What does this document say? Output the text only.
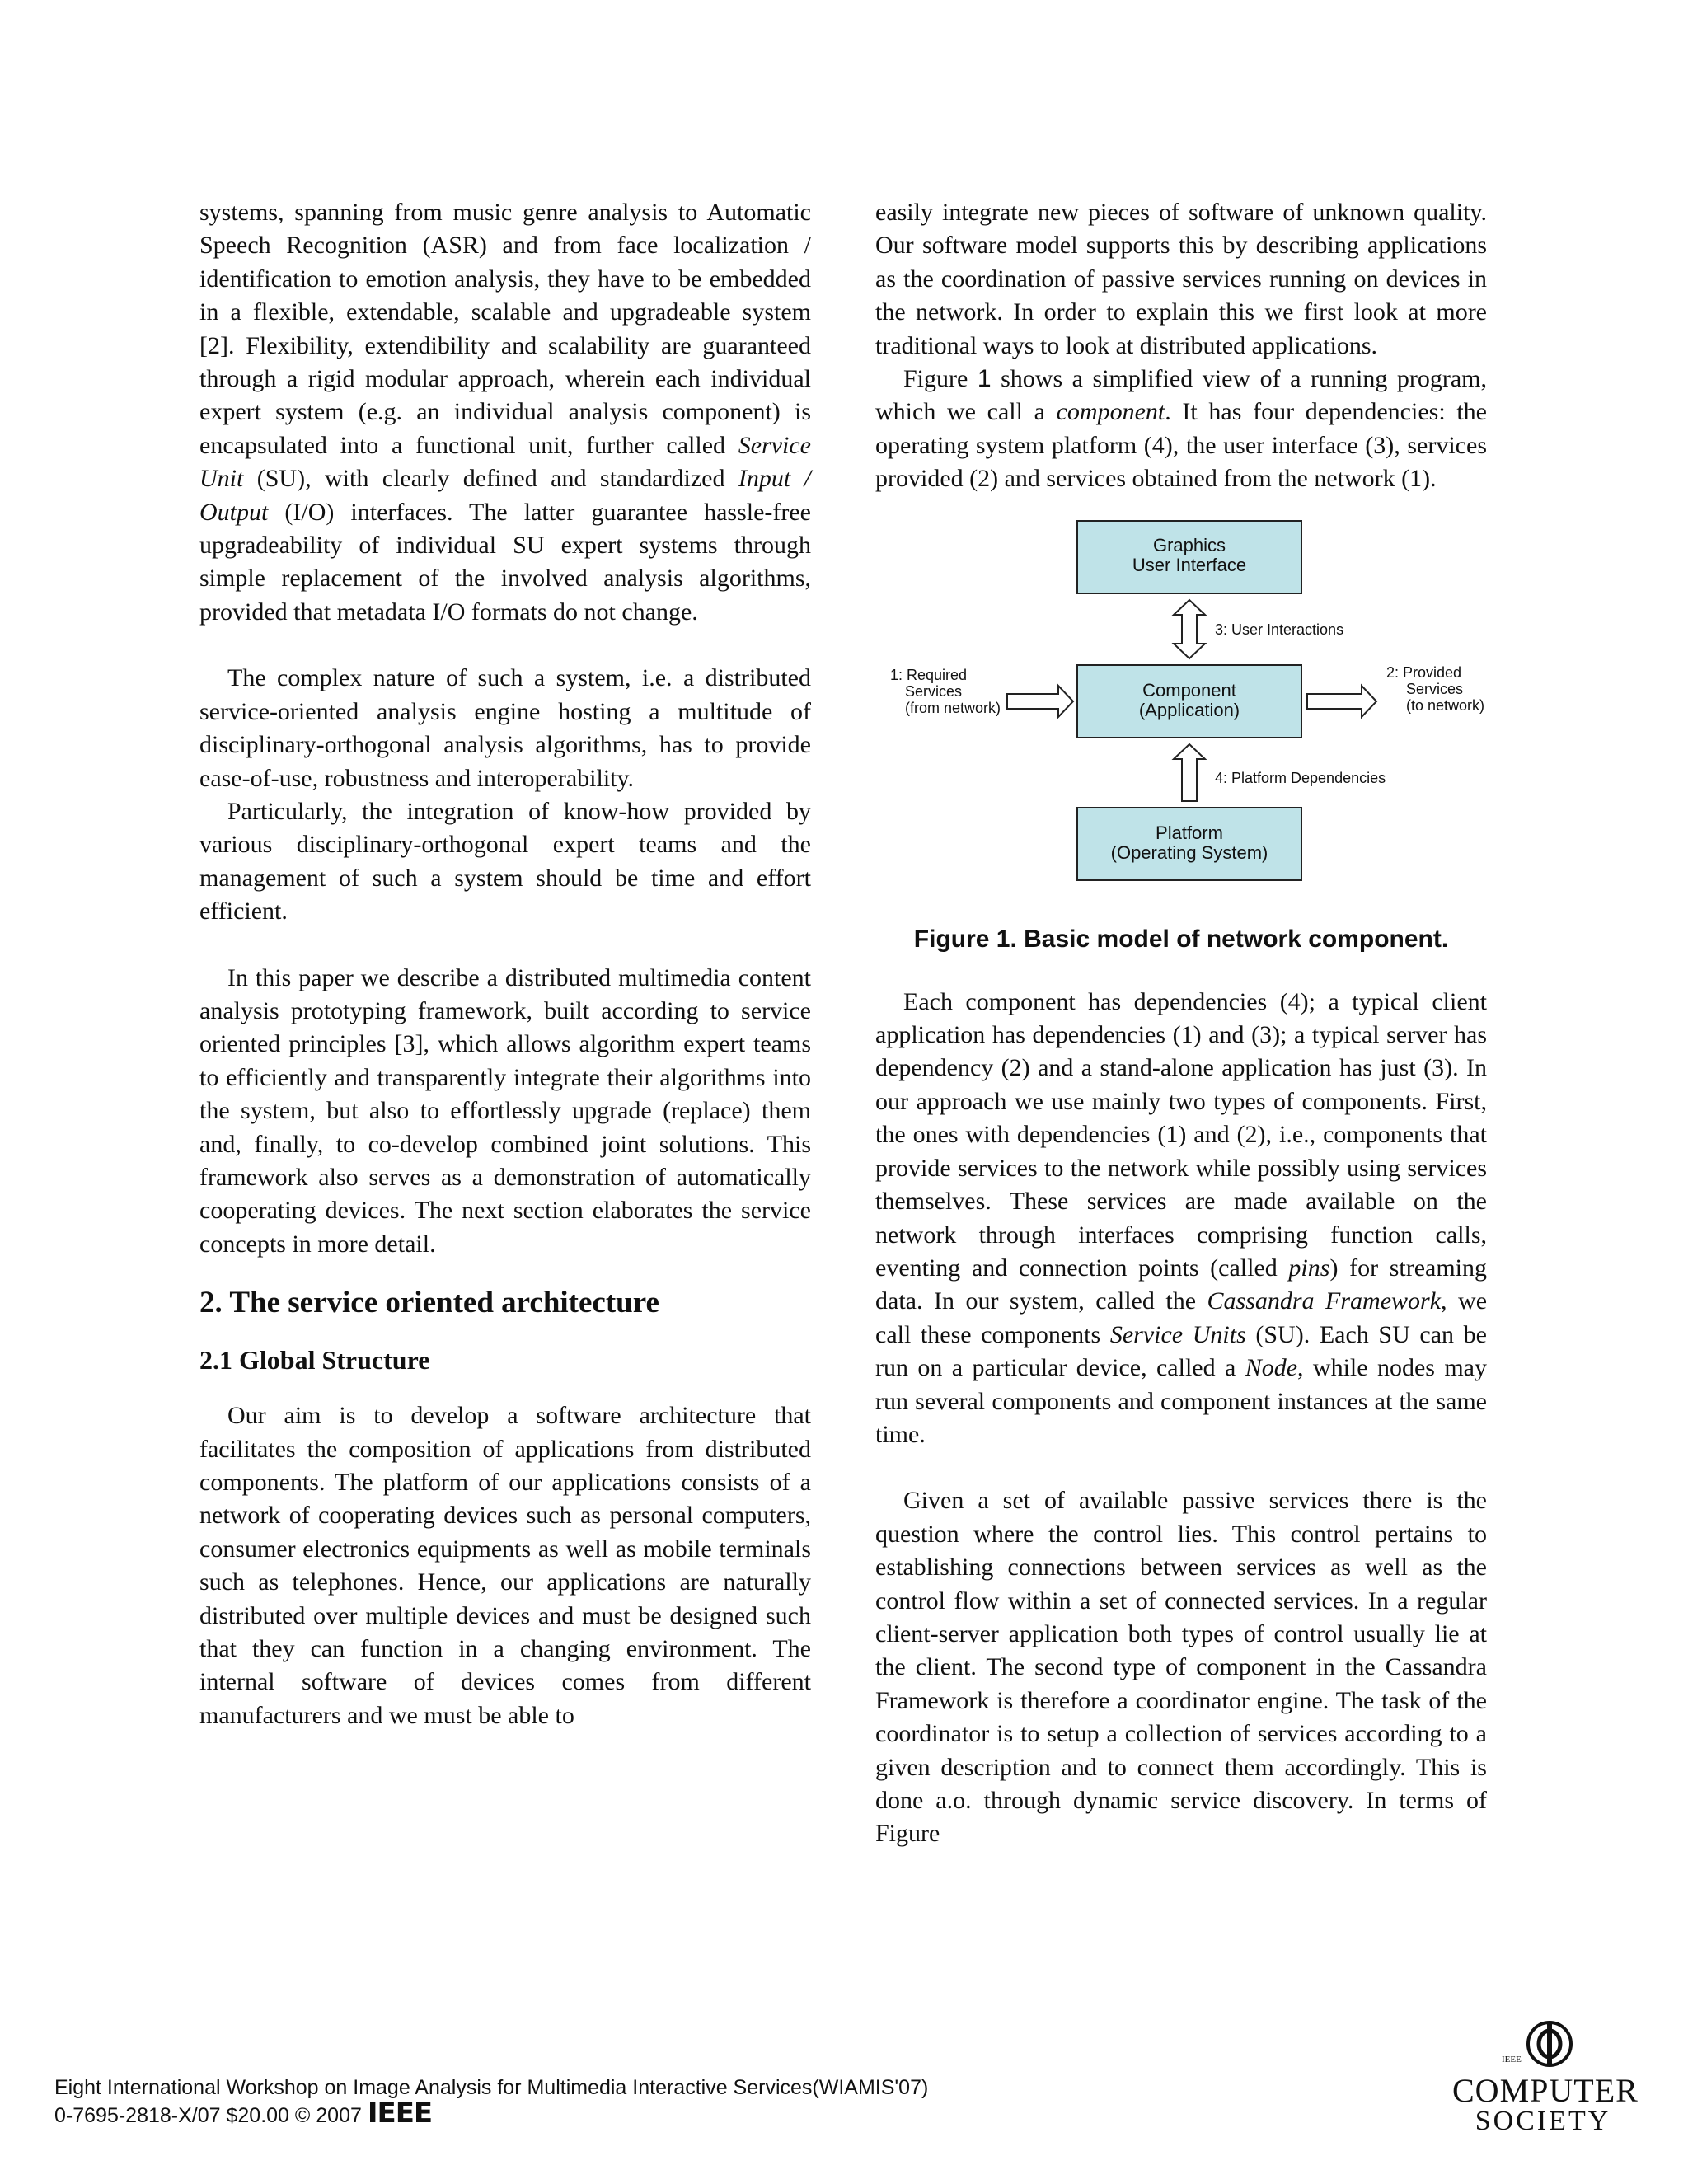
systems, spanning from music genre analysis to Automatic Speech Recognition (ASR) and from face localization / identification to emotion analysis, they have to be embedded in a flexible, extendable, scalable and upgradeable system [2]. Flexibility, extendibility and scalability are guaranteed through a rigid modular approach, wherein each individual expert system (e.g. an individual analysis component) is encapsulated into a functional unit, further called Service Unit (SU), with clearly defined and standardized Input / Output (I/O) interfaces. The latter guarantee hassle-free upgradeability of individual SU expert systems through simple replacement of the involved analysis algorithms, provided that metadata I/O formats do not change.

The complex nature of such a system, i.e. a distributed service-oriented analysis engine hosting a multitude of disciplinary-orthogonal analysis algorithms, has to provide ease-of-use, robustness and interoperability.

Particularly, the integration of know-how provided by various disciplinary-orthogonal expert teams and the management of such a system should be time and effort efficient.

In this paper we describe a distributed multimedia content analysis prototyping framework, built according to service oriented principles [3], which allows algorithm expert teams to efficiently and transparently integrate their algorithms into the system, but also to effortlessly upgrade (replace) them and, finally, to co-develop combined joint solutions. This framework also serves as a demonstration of automatically cooperating devices. The next section elaborates the service concepts in more detail.

2. The service oriented architecture
2.1 Global Structure

Our aim is to develop a software architecture that facilitates the composition of applications from distributed components. The platform of our applications consists of a network of cooperating devices such as personal computers, consumer electronics equipments as well as mobile terminals such as telephones. Hence, our applications are naturally distributed over multiple devices and must be designed such that they can function in a changing environment. The internal software of devices comes from different manufacturers and we must be able to

easily integrate new pieces of software of unknown quality. Our software model supports this by describing applications as the coordination of passive services running on devices in the network. In order to explain this we first look at more traditional ways to look at distributed applications.

Figure 1 shows a simplified view of a running program, which we call a component. It has four dependencies: the operating system platform (4), the user interface (3), services provided (2) and services obtained from the network (1).

Graphics
User Interface
Component
(Application)
Platform
(Operating System)
3: User Interactions
4: Platform Dependencies
1: Required
Services
(from network)
2: Provided
Services
(to network)
Figure 1. Basic model of network component.

Each component has dependencies (4); a typical client application has dependencies (1) and (3); a typical server has dependency (2) and a stand-alone application has just (3). In our approach we use mainly two types of components. First, the ones with dependencies (1) and (2), i.e., components that provide services to the network while possibly using services themselves. These services are made available on the network through interfaces comprising function calls, eventing and connection points (called pins) for streaming data. In our system, called the Cassandra Framework, we call these components Service Units (SU). Each SU can be run on a particular device, called a Node, while nodes may run several components and component instances at the same time.

Given a set of available passive services there is the question where the control lies. This control pertains to establishing connections between services as well as the control flow within a set of connected services. In a regular client-server application both types of control usually lie at the client. The second type of component in the Cassandra Framework is therefore a coordinator engine. The task of the coordinator is to setup a collection of services according to a given description and to connect them accordingly. This is done a.o. through dynamic service discovery. In terms of Figure

Eight International Workshop on Image Analysis for Multimedia Interactive Services(WIAMIS'07)
0-7695-2818-X/07 $20.00 © 2007 IEEE
IEEE
COMPUTER
SOCIETY
